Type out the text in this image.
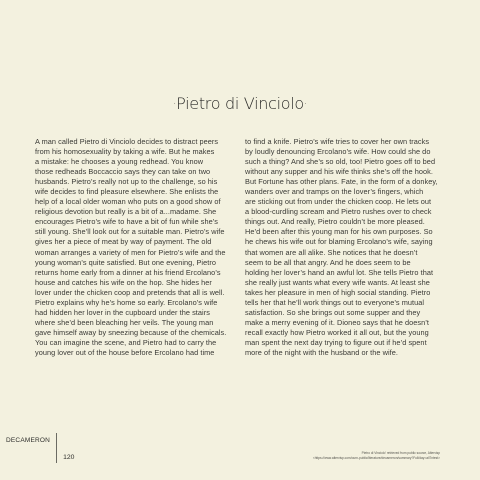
·Pietro di Vinciolo·
A man called Pietro di Vinciolo decides to distract peers
from his homosexuality by taking a wife. But he makes
a mistake: he chooses a young redhead. You know
those redheads Boccaccio says they can take on two
husbands. Pietro’s really not up to the challenge, so his
wife decides to find pleasure elsewhere. She enlists the
help of a local older woman who puts on a good show of
religious devotion but really is a bit of a...madame. She
encourages Pietro’s wife to have a bit of fun while she’s
still young. She’ll look out for a suitable man. Pietro’s wife
gives her a piece of meat by way of payment. The old
woman arranges a variety of men for Pietro’s wife and the
young woman’s quite satisfied. But one evening, Pietro
returns home early from a dinner at his friend Ercolano’s
house and catches his wife on the hop. She hides her
lover under the chicken coop and pretends that all is well.
Pietro explains why he’s home so early. Ercolano’s wife
had hidden her lover in the cupboard under the stairs
where she’d been bleaching her veils. The young man
gave himself away by sneezing because of the chemicals.
You can imagine the scene, and Pietro had to carry the
young lover out of the house before Ercolano had time
to find a knife. Pietro’s wife tries to cover her own tracks
by loudly denouncing Ercolano’s wife. How could she do
such a thing? And she’s so old, too! Pietro goes off to bed
without any supper and his wife thinks she’s off the hook.
But Fortune has other plans. Fate, in the form of a donkey,
wanders over and tramps on the lover’s fingers, which
are sticking out from under the chicken coop. He lets out
a blood-curdling scream and Pietro rushes over to check
things out. And really, Pietro couldn’t be more pleased.
He’d been after this young man for his own purposes. So
he chews his wife out for blaming Ercolano’s wife, saying
that women are all alike. She notices that he doesn’t
seem to be all that angry. And he does seem to be
holding her lover’s hand an awful lot. She tells Pietro that
she really just wants what every wife wants. At least she
takes her pleasure in men of high social standing. Pietro
tells her that he’ll work things out to everyone’s mutual
satisfaction. So she brings out some supper and they
make a merry evening of it. Dioneo says that he doesn’t
recall exactly how Pietro worked it all out, but the young
man spent the next day trying to figure out if he’d spent
more of the night with the husband or the wife.
Pietro di Vinciolo' retrieved from public source, Altervisp
<https://www.altervisp.com/ourn-public/literature/decameron/summary?Full/day=all7ntest>
DECAMERON
120
